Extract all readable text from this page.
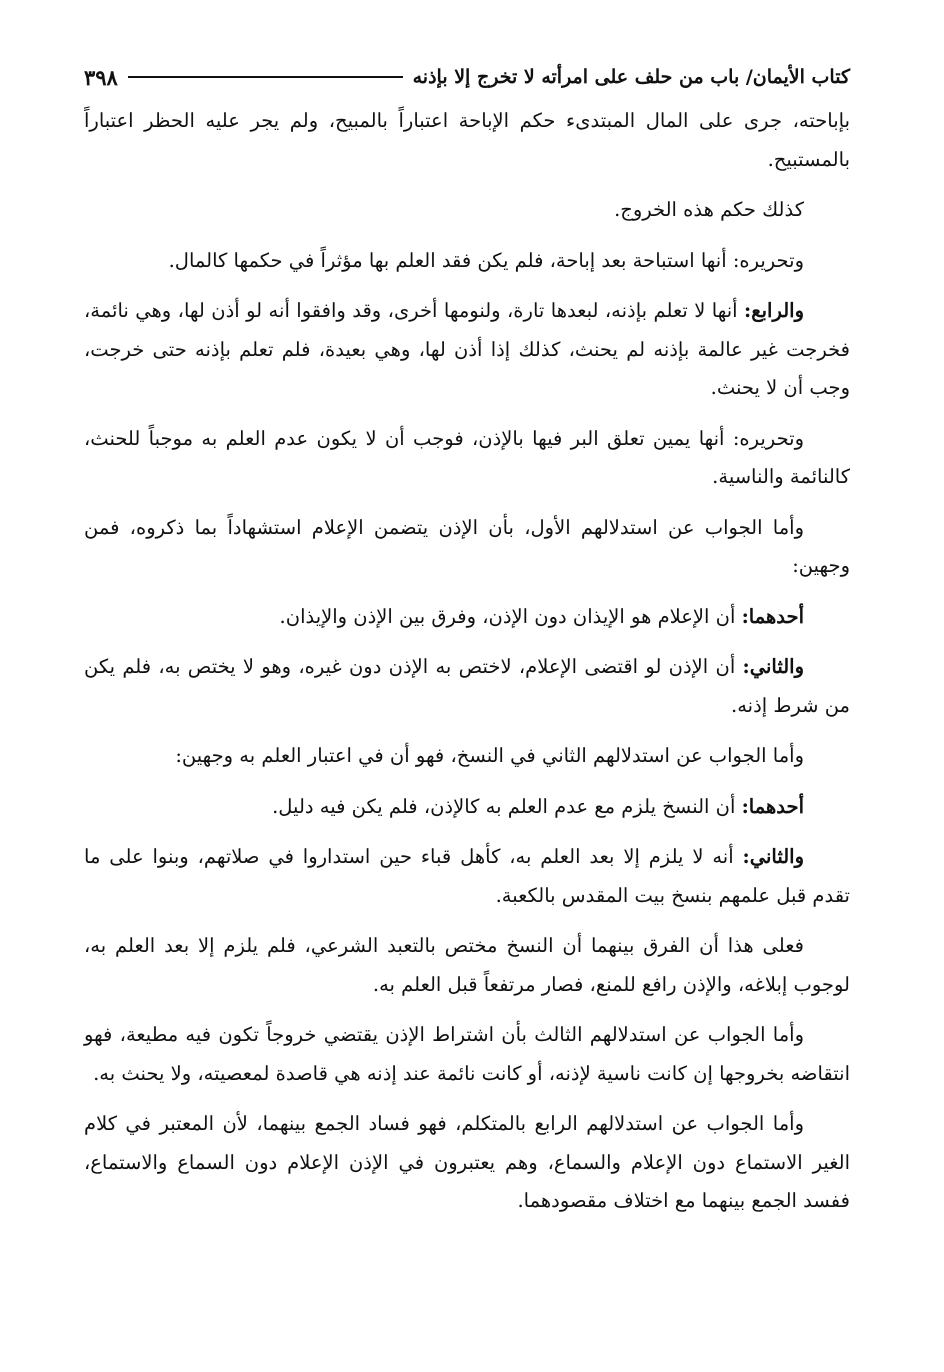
كتاب الأيمان/ باب من حلف على امرأته لا تخرج إلا بإذنه
٣٩٨

بإباحته، جرى على المال المبتدىء حكم الإباحة اعتباراً بالمبيح، ولم يجر عليه الحظر اعتباراً بالمستبيح.

كذلك حكم هذه الخروج.

وتحريره: أنها استباحة بعد إباحة، فلم يكن فقد العلم بها مؤثراً في حكمها كالمال.

والرابع: أنها لا تعلم بإذنه، لبعدها تارة، ولنومها أخرى، وقد وافقوا أنه لو أذن لها، وهي نائمة، فخرجت غير عالمة بإذنه لم يحنث، كذلك إذا أذن لها، وهي بعيدة، فلم تعلم بإذنه حتى خرجت، وجب أن لا يحنث.

وتحريره: أنها يمين تعلق البر فيها بالإذن، فوجب أن لا يكون عدم العلم به موجباً للحنث، كالنائمة والناسية.

وأما الجواب عن استدلالهم الأول، بأن الإذن يتضمن الإعلام استشهاداً بما ذكروه، فمن وجهين:

أحدهما: أن الإعلام هو الإيذان دون الإذن، وفرق بين الإذن والإيذان.

والثاني: أن الإذن لو اقتضى الإعلام، لاختص به الإذن دون غيره، وهو لا يختص به، فلم يكن من شرط إذنه.

وأما الجواب عن استدلالهم الثاني في النسخ، فهو أن في اعتبار العلم به وجهين:

أحدهما: أن النسخ يلزم مع عدم العلم به كالإذن، فلم يكن فيه دليل.

والثاني: أنه لا يلزم إلا بعد العلم به، كأهل قباء حين استداروا في صلاتهم، وبنوا على ما تقدم قبل علمهم بنسخ بيت المقدس بالكعبة.

فعلى هذا أن الفرق بينهما أن النسخ مختص بالتعبد الشرعي، فلم يلزم إلا بعد العلم به، لوجوب إبلاغه، والإذن رافع للمنع، فصار مرتفعاً قبل العلم به.

وأما الجواب عن استدلالهم الثالث بأن اشتراط الإذن يقتضي خروجاً تكون فيه مطيعة، فهو انتقاضه بخروجها إن كانت ناسية لإذنه، أو كانت نائمة عند إذنه هي قاصدة لمعصيته، ولا يحنث به.

وأما الجواب عن استدلالهم الرابع بالمتكلم، فهو فساد الجمع بينهما، لأن المعتبر في كلام الغير الاستماع دون الإعلام والسماع، وهم يعتبرون في الإذن الإعلام دون السماع والاستماع، ففسد الجمع بينهما مع اختلاف مقصودهما.
